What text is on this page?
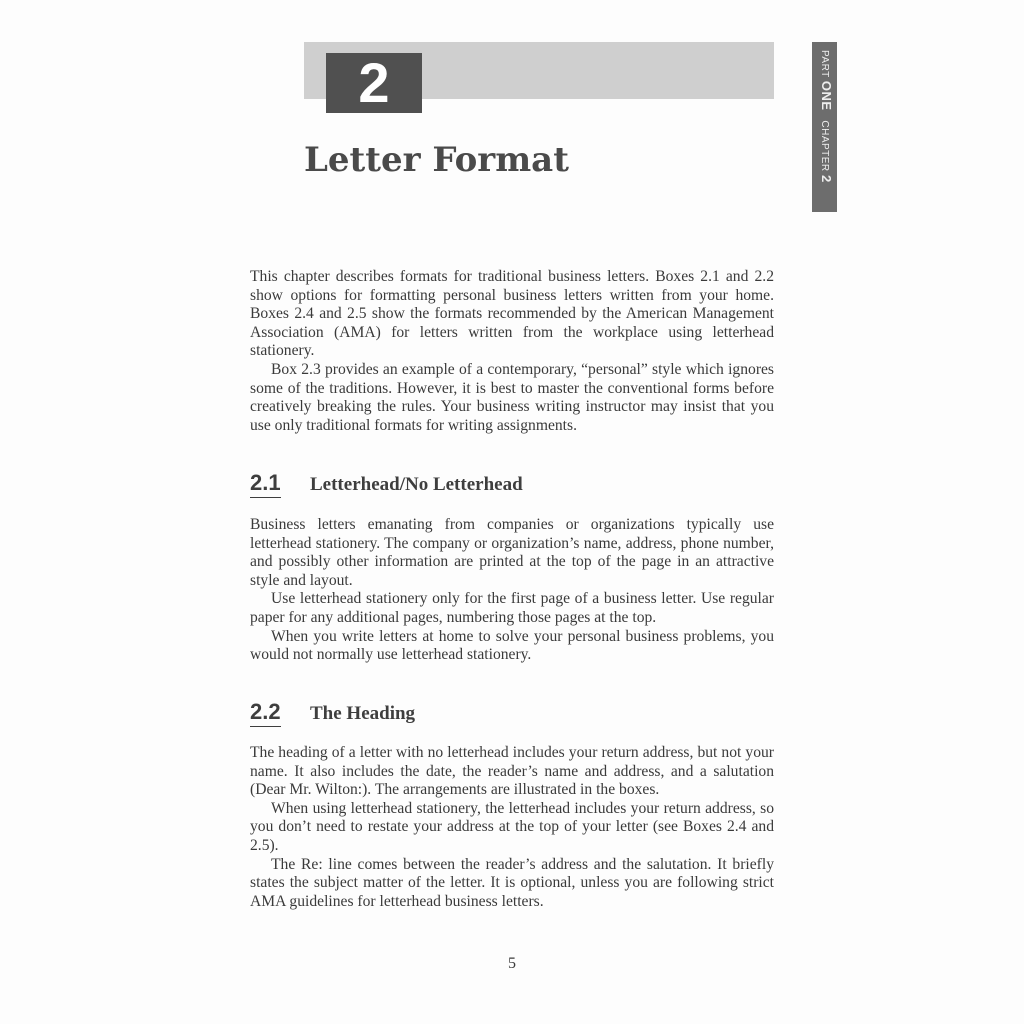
2
Letter Format
PART ONE   CHAPTER 2

This chapter describes formats for traditional business letters. Boxes 2.1 and 2.2 show options for formatting personal business letters written from your home. Boxes 2.4 and 2.5 show the formats recommended by the American Management Association (AMA) for letters written from the workplace using letterhead stationery.

Box 2.3 provides an example of a contemporary, “personal” style which ignores some of the traditions. However, it is best to master the conventional forms before creatively breaking the rules. Your business writing instructor may insist that you use only traditional formats for writing assignments.

2.1 Letterhead/No Letterhead

Business letters emanating from companies or organizations typically use letterhead stationery. The company or organization’s name, address, phone number, and possibly other information are printed at the top of the page in an attractive style and layout.

Use letterhead stationery only for the first page of a business letter. Use regular paper for any additional pages, numbering those pages at the top.

When you write letters at home to solve your personal business problems, you would not normally use letterhead stationery.

2.2 The Heading

The heading of a letter with no letterhead includes your return address, but not your name. It also includes the date, the reader’s name and address, and a salutation (Dear Mr. Wilton:). The arrangements are illustrated in the boxes.

When using letterhead stationery, the letterhead includes your return address, so you don’t need to restate your address at the top of your letter (see Boxes 2.4 and 2.5).

The Re: line comes between the reader’s address and the salutation. It briefly states the subject matter of the letter. It is optional, unless you are following strict AMA guidelines for letterhead business letters.

5
